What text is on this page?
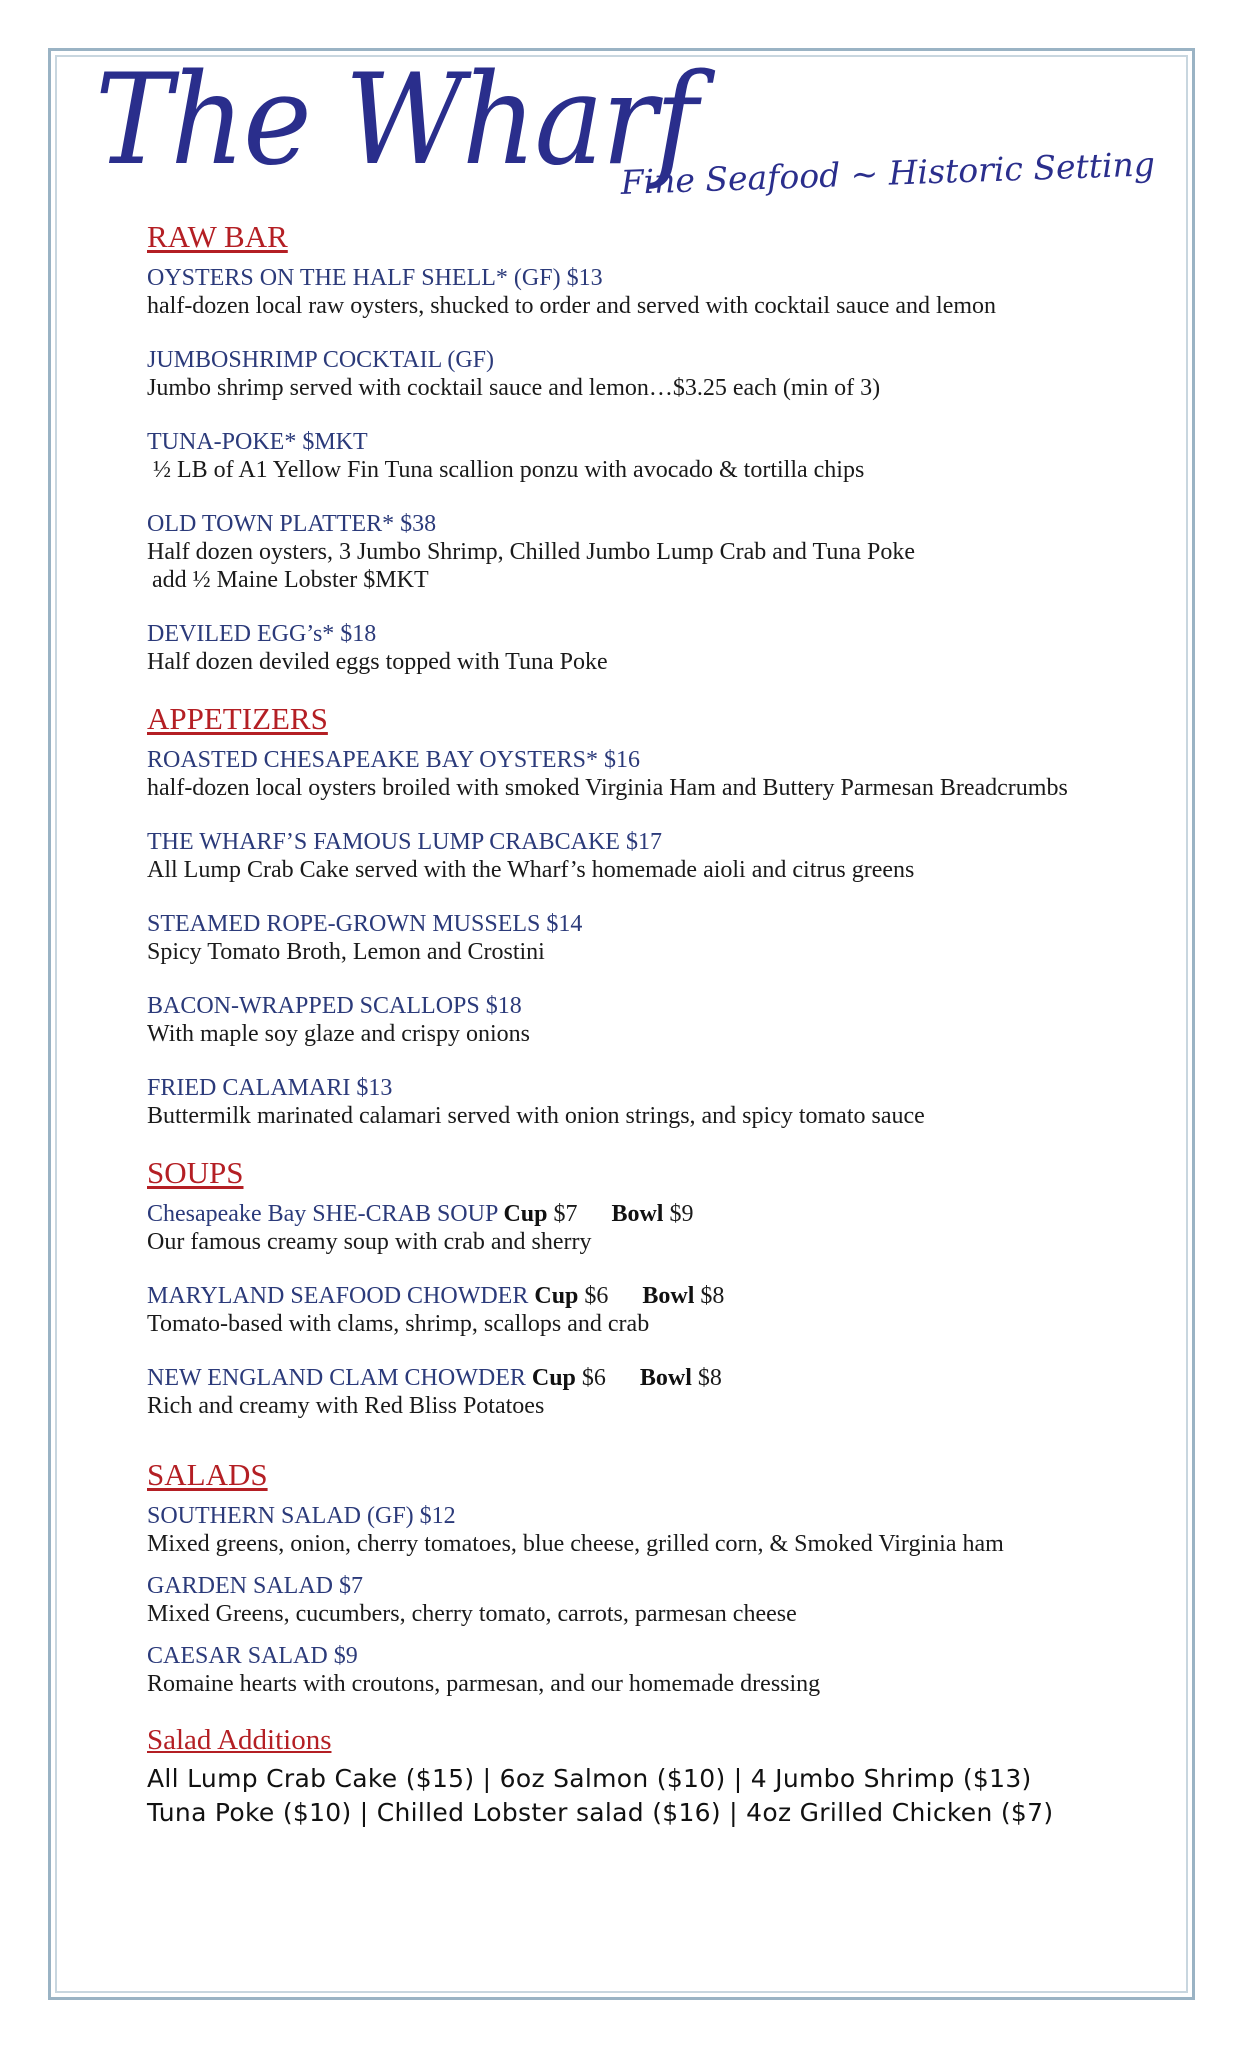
The Wharf
Fine Seafood ~ Historic Setting
RAW BAR
OYSTERS ON THE HALF SHELL* (GF) $13
half-dozen local raw oysters, shucked to order and served with cocktail sauce and lemon
JUMBOSHRIMP COCKTAIL (GF)
Jumbo shrimp served with cocktail sauce and lemon…$3.25 each (min of 3)
TUNA-POKE* $MKT
½ LB of A1 Yellow Fin Tuna scallion ponzu with avocado & tortilla chips
OLD TOWN PLATTER* $38
Half dozen oysters, 3 Jumbo Shrimp, Chilled Jumbo Lump Crab and Tuna Poke
add ½ Maine Lobster $MKT
DEVILED EGG’s* $18
Half dozen deviled eggs topped with Tuna Poke
APPETIZERS
ROASTED CHESAPEAKE BAY OYSTERS* $16
half-dozen local oysters broiled with smoked Virginia Ham and Buttery Parmesan Breadcrumbs
THE WHARF’S FAMOUS LUMP CRABCAKE $17
All Lump Crab Cake served with the Wharf’s homemade aioli and citrus greens
STEAMED ROPE-GROWN MUSSELS $14
Spicy Tomato Broth, Lemon and Crostini
BACON-WRAPPED SCALLOPS $18
With maple soy glaze and crispy onions
FRIED CALAMARI $13
Buttermilk marinated calamari served with onion strings, and spicy tomato sauce
SOUPS
Chesapeake Bay SHE-CRAB SOUP Cup $7 Bowl $9
Our famous creamy soup with crab and sherry
MARYLAND SEAFOOD CHOWDER Cup $6 Bowl $8
Tomato-based with clams, shrimp, scallops and crab
NEW ENGLAND CLAM CHOWDER Cup $6 Bowl $8
Rich and creamy with Red Bliss Potatoes
SALADS
SOUTHERN SALAD (GF) $12
Mixed greens, onion, cherry tomatoes, blue cheese, grilled corn, & Smoked Virginia ham
GARDEN SALAD $7
Mixed Greens, cucumbers, cherry tomato, carrots, parmesan cheese
CAESAR SALAD $9
Romaine hearts with croutons, parmesan, and our homemade dressing
Salad Additions
All Lump Crab Cake ($15) | 6oz Salmon ($10) | 4 Jumbo Shrimp ($13)
Tuna Poke ($10) | Chilled Lobster salad ($16) | 4oz Grilled Chicken ($7)
